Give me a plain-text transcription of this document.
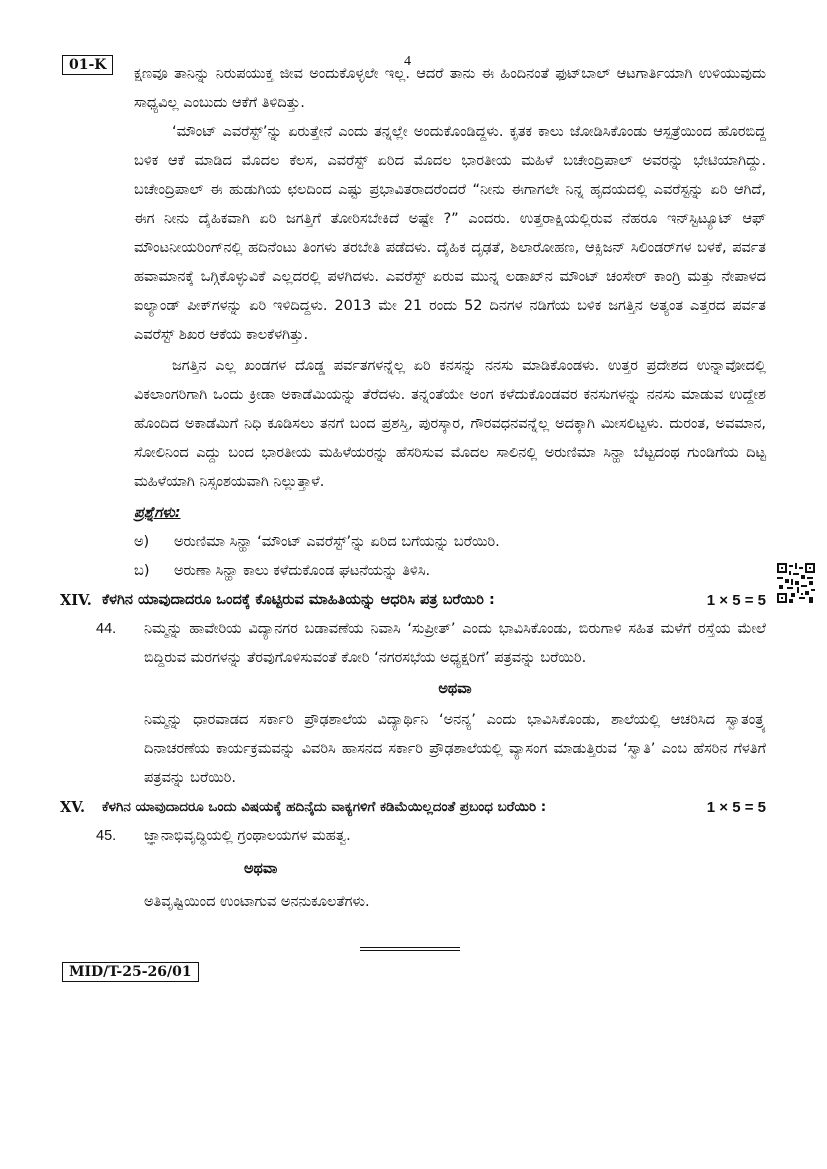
01-K	4
ಕ್ಷಣವೂ ತಾನಿನ್ನು ನಿರುಪಯುಕ್ತ ಜೀವ ಅಂದುಕೊಳ್ಳಲೇ ಇಲ್ಲ. ಆದರೆ ತಾನು ಈ ಹಿಂದಿನಂತೆ ಫುಟ್‌ಬಾಲ್ ಆಟಗಾರ್ತಿಯಾಗಿ ಉಳಿಯುವುದು ಸಾಧ್ಯವಿಲ್ಲ ಎಂಬುದು ಆಕೆಗೆ ತಿಳಿದಿತ್ತು.
‘ಮೌಂಟ್ ಎವರೆಸ್ಟ್’ನ್ನು ಏರುತ್ತೇನೆ ಎಂದು ತನ್ನಲ್ಲೇ ಅಂದುಕೊಂಡಿದ್ದಳು. ಕೃತಕ ಕಾಲು ಜೋಡಿಸಿಕೊಂಡು ಆಸ್ಪತ್ರೆಯಿಂದ ಹೊರಬಿದ್ದ ಬಳಿಕ ಆಕೆ ಮಾಡಿದ ಮೊದಲ ಕೆಲಸ, ಎವರೆಸ್ಟ್ ಏರಿದ ಮೊದಲ ಭಾರತೀಯ ಮಹಿಳೆ ಬಚೇಂದ್ರಿಪಾಲ್ ಅವರನ್ನು ಭೇಟಿಯಾಗಿದ್ದು. ಬಚೇಂದ್ರಿಪಾಲ್ ಈ ಹುಡುಗಿಯ ಛಲದಿಂದ ಎಷ್ಟು ಪ್ರಭಾವಿತರಾದರೆಂದರೆ “ನೀನು ಈಗಾಗಲೇ ನಿನ್ನ ಹೃದಯದಲ್ಲಿ ಎವರೆಸ್ಟನ್ನು ಏರಿ ಆಗಿದೆ, ಈಗ ನೀನು ದೈಹಿಕವಾಗಿ ಏರಿ ಜಗತ್ತಿಗೆ ತೋರಿಸಬೇಕಿದೆ ಅಷ್ಟೇ ?” ಎಂದರು. ಉತ್ತರಾಕ್ಷಿಯಲ್ಲಿರುವ ನೆಹರೂ ಇನ್‌ಸ್ಟಿಟ್ಯೂಟ್ ಆಫ್ ಮೌಂಟನೀಯರಿಂಗ್‌ನಲ್ಲಿ ಹದಿನೆಂಟು ತಿಂಗಳು ತರಬೇತಿ ಪಡೆದಳು. ದೈಹಿಕ ದೃಢತೆ, ಶಿಲಾರೋಹಣ, ಆಕ್ಸಿಜನ್ ಸಿಲಿಂಡರ್‌ಗಳ ಬಳಕೆ, ಪರ್ವತ ಹವಾಮಾನಕ್ಕೆ ಒಗ್ಗಿಕೊಳ್ಳುವಿಕೆ ಎಲ್ಲದರಲ್ಲಿ ಪಳಗಿದಳು. ಎವರೆಸ್ಟ್ ಏರುವ ಮುನ್ನ ಲಡಾಖ್‌ನ ಮೌಂಟ್ ಚಂಸೇರ್ ಕಾಂಗ್ರಿ ಮತ್ತು ನೇಪಾಳದ ಐಲ್ಯಾಂಡ್ ಪೀಕ್‌ಗಳನ್ನು ಏರಿ ಇಳಿದಿದ್ದಳು. 2013 ಮೇ 21 ರಂದು 52 ದಿನಗಳ ನಡಿಗೆಯ ಬಳಿಕ ಜಗತ್ತಿನ ಅತ್ಯಂತ ಎತ್ತರದ ಪರ್ವತ ಎವರೆಸ್ಟ್ ಶಿಖರ ಆಕೆಯ ಕಾಲಕೆಳಗಿತ್ತು.
ಜಗತ್ತಿನ ಎಲ್ಲ ಖಂಡಗಳ ದೊಡ್ಡ ಪರ್ವತಗಳನ್ನೆಲ್ಲ ಏರಿ ಕನಸನ್ನು ನನಸು ಮಾಡಿಕೊಂಡಳು. ಉತ್ತರ ಪ್ರದೇಶದ ಉನ್ನಾವೋದಲ್ಲಿ ವಿಕಲಾಂಗರಿಗಾಗಿ ಒಂದು ಕ್ರೀಡಾ ಅಕಾಡೆಮಿಯನ್ನು ತೆರೆದಳು. ತನ್ನಂತೆಯೇ ಅಂಗ ಕಳೆದುಕೊಂಡವರ ಕನಸುಗಳನ್ನು ನನಸು ಮಾಡುವ ಉದ್ದೇಶ ಹೊಂದಿದ ಅಕಾಡೆಮಿಗೆ ನಿಧಿ ಕೂಡಿಸಲು ತನಗೆ ಬಂದ ಪ್ರಶಸ್ತಿ, ಪುರಸ್ಕಾರ, ಗೌರವಧನವನ್ನೆಲ್ಲ ಅದಕ್ಕಾಗಿ ಮೀಸಲಿಟ್ಟಳು. ದುರಂತ, ಅವಮಾನ, ಸೋಲಿನಿಂದ ಎದ್ದು ಬಂದ ಭಾರತೀಯ ಮಹಿಳೆಯರನ್ನು ಹೆಸರಿಸುವ ಮೊದಲ ಸಾಲಿನಲ್ಲಿ ಅರುಣಿಮಾ ಸಿನ್ಹಾ ಬೆಟ್ಟದಂಥ ಗುಂಡಿಗೆಯ ದಿಟ್ಟ ಮಹಿಳೆಯಾಗಿ ನಿಸ್ಸಂಶಯವಾಗಿ ನಿಲ್ಲುತ್ತಾಳೆ.
ಪ್ರಶ್ನೆಗಳು:
ಅ)	ಅರುಣಿಮಾ ಸಿನ್ಹಾ ‘ಮೌಂಟ್ ಎವರೆಸ್ಟ್’ನ್ನು ಏರಿದ ಬಗೆಯನ್ನು ಬರೆಯಿರಿ.
ಬ)	ಅರುಣಾ ಸಿನ್ಹಾ ಕಾಲು ಕಳೆದುಕೊಂಡ ಘಟನೆಯನ್ನು ತಿಳಿಸಿ.
XIV. ಕೆಳಗಿನ ಯಾವುದಾದರೂ ಒಂದಕ್ಕೆ ಕೊಟ್ಟಿರುವ ಮಾಹಿತಿಯನ್ನು ಆಧರಿಸಿ ಪತ್ರ ಬರೆಯಿರಿ :	1 × 5 = 5
44.	ನಿಮ್ಮನ್ನು ಹಾವೇರಿಯ ವಿದ್ಯಾನಗರ ಬಡಾವಣೆಯ ನಿವಾಸಿ ‘ಸುಪ್ರೀತ್’ ಎಂದು ಭಾವಿಸಿಕೊಂಡು, ಬಿರುಗಾಳಿ ಸಹಿತ ಮಳೆಗೆ ರಸ್ತೆಯ ಮೇಲೆ ಬಿದ್ದಿರುವ ಮರಗಳನ್ನು ತೆರವುಗೊಳಿಸುವಂತೆ ಕೋರಿ ‘ನಗರಸಭೆಯ ಅಧ್ಯಕ್ಷರಿಗೆ’ ಪತ್ರವನ್ನು ಬರೆಯಿರಿ.
ಅಥವಾ
ನಿಮ್ಮನ್ನು ಧಾರವಾಡದ ಸರ್ಕಾರಿ ಪ್ರೌಢಶಾಲೆಯ ವಿದ್ಯಾರ್ಥಿನಿ ‘ಅನನ್ಯ’ ಎಂದು ಭಾವಿಸಿಕೊಂಡು, ಶಾಲೆಯಲ್ಲಿ ಆಚರಿಸಿದ ಸ್ವಾತಂತ್ರ್ಯ ದಿನಾಚರಣೆಯ ಕಾರ್ಯಕ್ರಮವನ್ನು ವಿವರಿಸಿ ಹಾಸನದ ಸರ್ಕಾರಿ ಪ್ರೌಢಶಾಲೆಯಲ್ಲಿ ವ್ಯಾಸಂಗ ಮಾಡುತ್ತಿರುವ ‘ಸ್ವಾತಿ’ ಎಂಬ ಹೆಸರಿನ ಗೆಳತಿಗೆ ಪತ್ರವನ್ನು ಬರೆಯಿರಿ.
XV.	ಕೆಳಗಿನ ಯಾವುದಾದರೂ ಒಂದು ವಿಷಯಕ್ಕೆ ಹದಿನೈದು ವಾಕ್ಯಗಳಿಗೆ ಕಡಿಮೆಯಿಲ್ಲದಂತೆ ಪ್ರಬಂಧ ಬರೆಯಿರಿ :	1 × 5 = 5
45.	ಜ್ಞಾನಾಭಿವೃದ್ಧಿಯಲ್ಲಿ ಗ್ರಂಥಾಲಯಗಳ ಮಹತ್ವ.
ಅಥವಾ
ಅತಿವೃಷ್ಟಿಯಿಂದ ಉಂಟಾಗುವ ಅನನುಕೂಲತೆಗಳು.
MID/T-25-26/01
